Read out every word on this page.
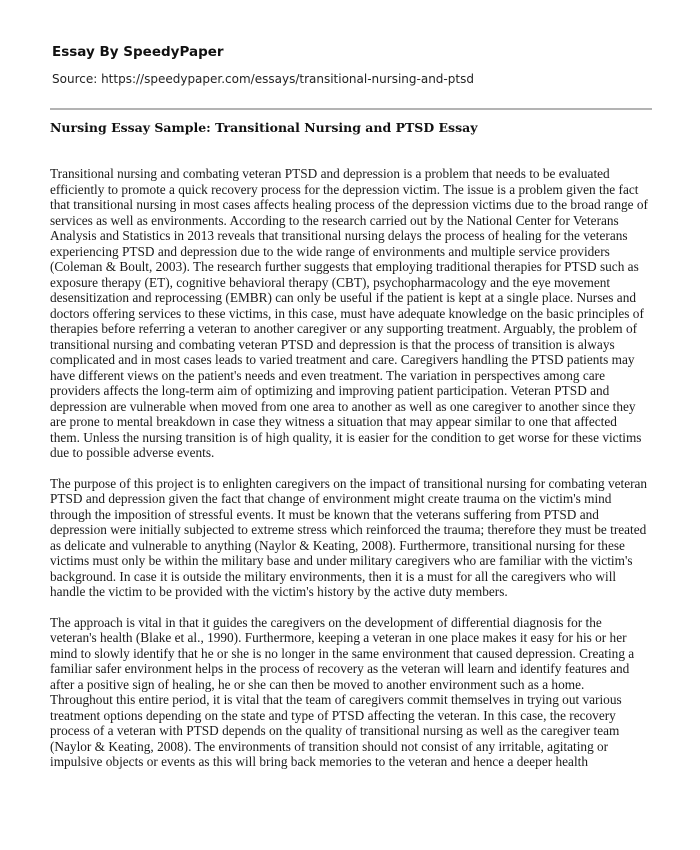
Essay By SpeedyPaper
Source: https://speedypaper.com/essays/transitional-nursing-and-ptsd
Nursing Essay Sample: Transitional Nursing and PTSD Essay

Transitional nursing and combating veteran PTSD and depression is a problem that needs to be evaluated efficiently to promote a quick recovery process for the depression victim. The issue is a problem given the fact that transitional nursing in most cases affects healing process of the depression victims due to the broad range of services as well as environments. According to the research carried out by the National Center for Veterans Analysis and Statistics in 2013 reveals that transitional nursing delays the process of healing for the veterans experiencing PTSD and depression due to the wide range of environments and multiple service providers (Coleman & Boult, 2003). The research further suggests that employing traditional therapies for PTSD such as exposure therapy (ET), cognitive behavioral therapy (CBT), psychopharmacology and the eye movement desensitization and reprocessing (EMBR) can only be useful if the patient is kept at a single place. Nurses and doctors offering services to these victims, in this case, must have adequate knowledge on the basic principles of therapies before referring a veteran to another caregiver or any supporting treatment. Arguably, the problem of transitional nursing and combating veteran PTSD and depression is that the process of transition is always complicated and in most cases leads to varied treatment and care. Caregivers handling the PTSD patients may have different views on the patient's needs and even treatment. The variation in perspectives among care providers affects the long-term aim of optimizing and improving patient participation. Veteran PTSD and depression are vulnerable when moved from one area to another as well as one caregiver to another since they are prone to mental breakdown in case they witness a situation that may appear similar to one that affected them. Unless the nursing transition is of high quality, it is easier for the condition to get worse for these victims due to possible adverse events.

The purpose of this project is to enlighten caregivers on the impact of transitional nursing for combating veteran PTSD and depression given the fact that change of environment might create trauma on the victim's mind through the imposition of stressful events. It must be known that the veterans suffering from PTSD and depression were initially subjected to extreme stress which reinforced the trauma; therefore they must be treated as delicate and vulnerable to anything (Naylor & Keating, 2008). Furthermore, transitional nursing for these victims must only be within the military base and under military caregivers who are familiar with the victim's background. In case it is outside the military environments, then it is a must for all the caregivers who will handle the victim to be provided with the victim's history by the active duty members.

The approach is vital in that it guides the caregivers on the development of differential diagnosis for the veteran's health (Blake et al., 1990). Furthermore, keeping a veteran in one place makes it easy for his or her mind to slowly identify that he or she is no longer in the same environment that caused depression. Creating a familiar safer environment helps in the process of recovery as the veteran will learn and identify features and after a positive sign of healing, he or she can then be moved to another environment such as a home. Throughout this entire period, it is vital that the team of caregivers commit themselves in trying out various treatment options depending on the state and type of PTSD affecting the veteran. In this case, the recovery process of a veteran with PTSD depends on the quality of transitional nursing as well as the caregiver team (Naylor & Keating, 2008). The environments of transition should not consist of any irritable, agitating or impulsive objects or events as this will bring back memories to the veteran and hence a deeper health
